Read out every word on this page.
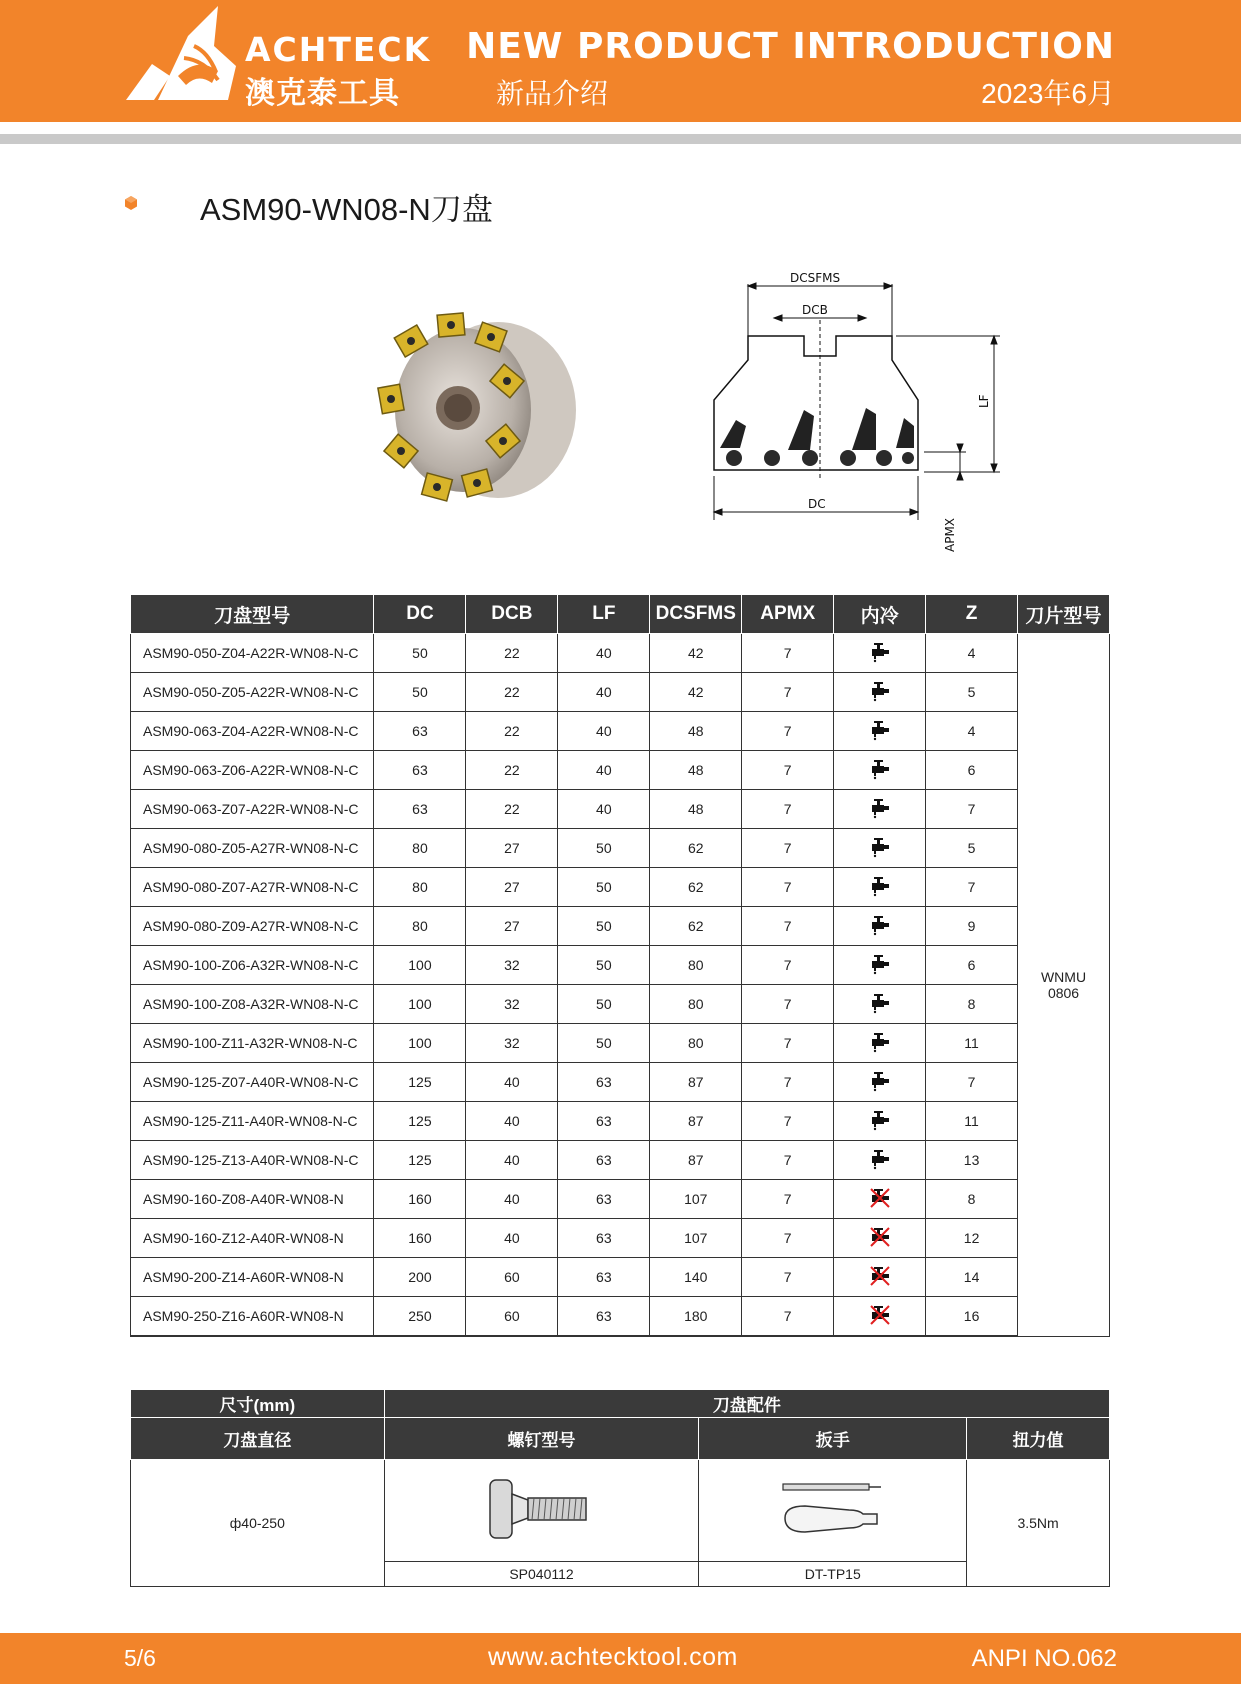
ACHTECK
澳克泰工具
NEW PRODUCT INTRODUCTION
新品介绍	2023年6月
ASM90-WN08-N刀盘
DCSFMS
DCB
DC
LF
APMX
刀盘型号	DC	DCB	LF	DCSFMS	APMX	内冷	Z	刀片型号
ASM90-050-Z04-A22R-WN08-N-C	50	22	40	42	7		4	WNMU
0806

ASM90-050-Z05-A22R-WN08-N-C	50	22	40	42	7		5	
ASM90-063-Z04-A22R-WN08-N-C	63	22	40	48	7		4	
ASM90-063-Z06-A22R-WN08-N-C	63	22	40	48	7		6	
ASM90-063-Z07-A22R-WN08-N-C	63	22	40	48	7		7	
ASM90-080-Z05-A27R-WN08-N-C	80	27	50	62	7		5	
ASM90-080-Z07-A27R-WN08-N-C	80	27	50	62	7		7	
ASM90-080-Z09-A27R-WN08-N-C	80	27	50	62	7		9	
ASM90-100-Z06-A32R-WN08-N-C	100	32	50	80	7		6	
ASM90-100-Z08-A32R-WN08-N-C	100	32	50	80	7		8	
ASM90-100-Z11-A32R-WN08-N-C	100	32	50	80	7		11	
ASM90-125-Z07-A40R-WN08-N-C	125	40	63	87	7		7	
ASM90-125-Z11-A40R-WN08-N-C	125	40	63	87	7		11	
ASM90-125-Z13-A40R-WN08-N-C	125	40	63	87	7		13	
ASM90-160-Z08-A40R-WN08-N	160	40	63	107	7		8	
ASM90-160-Z12-A40R-WN08-N	160	40	63	107	7		12	
ASM90-200-Z14-A60R-WN08-N	200	60	63	140	7		14	
ASM90-250-Z16-A60R-WN08-N	250	60	63	180	7		16	
尺寸(mm)	刀盘配件		
刀盘直径	螺钉型号	扳手	扭力值
ф40-250			3.5Nm
	SP040112	DT-TP15	
5/6	www.achtecktool.com	ANPI NO.062
